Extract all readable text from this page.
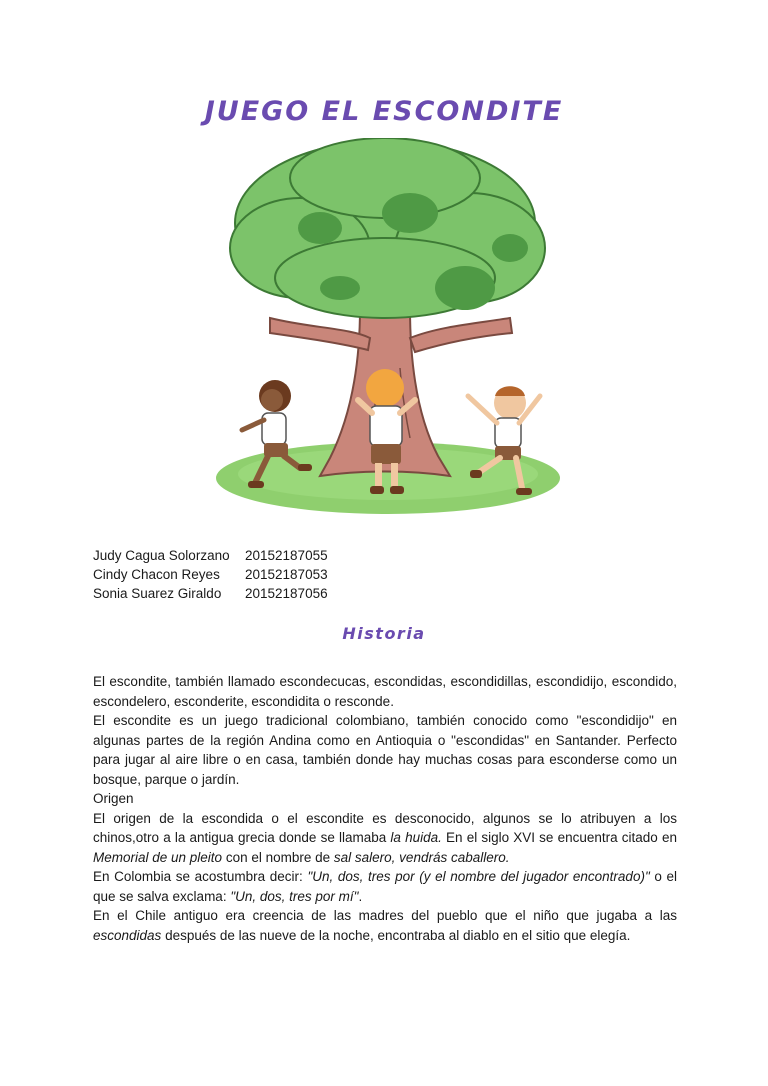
JUEGO EL ESCONDITE
Judy Cagua Solorzano	20152187055
Cindy Chacon Reyes	20152187053
Sonia Suarez Giraldo	20152187056
Historia

El escondite, también llamado escondecucas, escondidas, escondidillas, escondidijo, escondido, escondelero, esconderite, escondidita o resconde.

El escondite es un juego tradicional colombiano, también conocido como "escondidijo" en algunas partes de la región Andina como en Antioquia o "escondidas" en Santander. Perfecto para jugar al aire libre o en casa, también donde hay muchas cosas para esconderse como un bosque, parque o jardín.

Origen

El origen de la escondida o el escondite es desconocido, algunos se lo atribuyen a los chinos,otro a la antigua grecia donde se llamaba la huida. En el siglo XVI se encuentra citado en Memorial de un pleito con el nombre de sal salero, vendrás caballero.

En Colombia se acostumbra decir: "Un, dos, tres por (y el nombre del jugador encontrado)" o el que se salva exclama: "Un, dos, tres por mí".

En el Chile antiguo era creencia de las madres del pueblo que el niño que jugaba a las escondidas después de las nueve de la noche, encontraba al diablo en el sitio que elegía.
